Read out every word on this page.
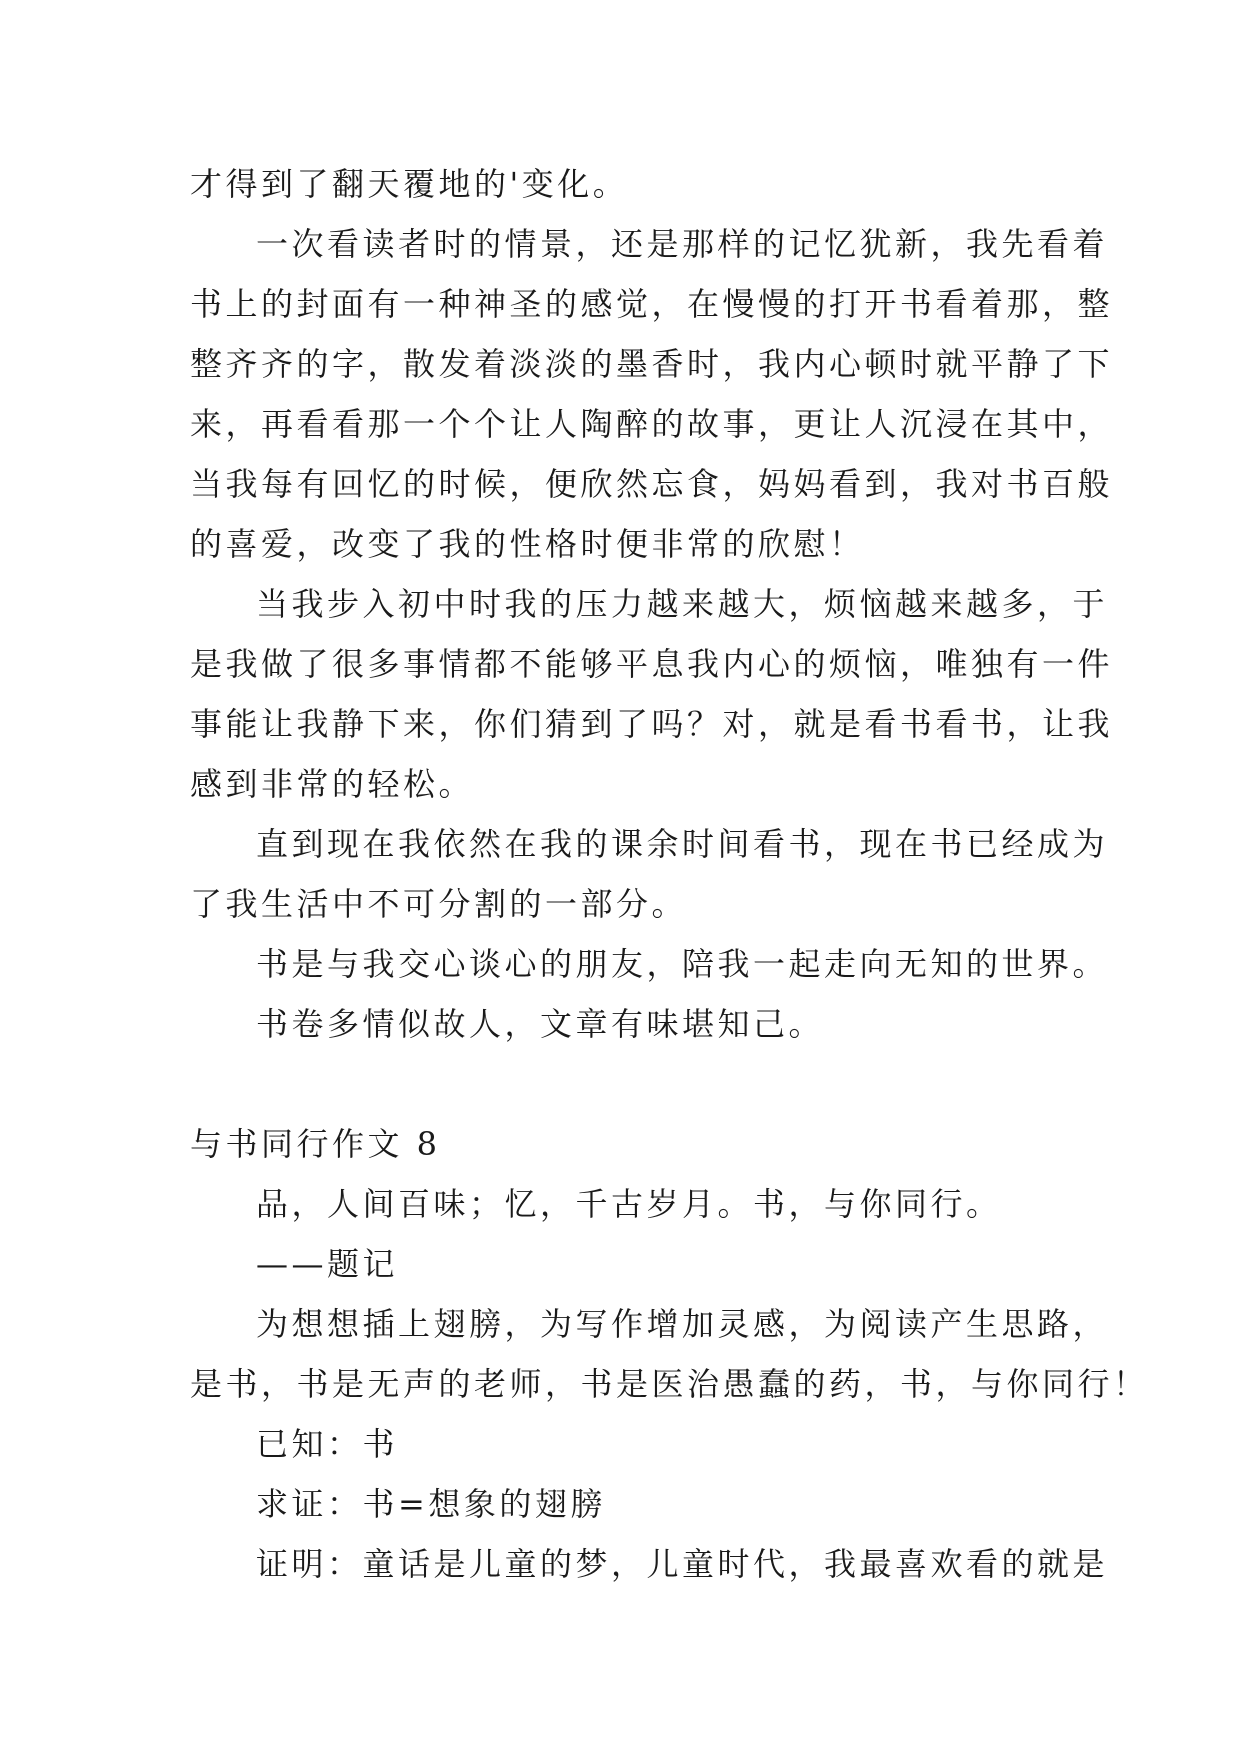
才得到了翻天覆地的'变化。
一次看读者时的情景，还是那样的记忆犹新，我先看着
书上的封面有一种神圣的感觉，在慢慢的打开书看着那，整
整齐齐的字，散发着淡淡的墨香时，我内心顿时就平静了下
来，再看看那一个个让人陶醉的故事，更让人沉浸在其中，
当我每有回忆的时候，便欣然忘食，妈妈看到，我对书百般
的喜爱，改变了我的性格时便非常的欣慰！
当我步入初中时我的压力越来越大，烦恼越来越多，于
是我做了很多事情都不能够平息我内心的烦恼，唯独有一件
事能让我静下来，你们猜到了吗？对，就是看书看书，让我
感到非常的轻松。
直到现在我依然在我的课余时间看书，现在书已经成为
了我生活中不可分割的一部分。
书是与我交心谈心的朋友，陪我一起走向无知的世界。
书卷多情似故人，文章有味堪知己。
与书同行作文 8
品，人间百味；忆，千古岁月。书，与你同行。
——题记
为想想插上翅膀，为写作增加灵感，为阅读产生思路，
是书，书是无声的老师，书是医治愚蠢的药，书，与你同行！
已知：书
求证：书=想象的翅膀
证明：童话是儿童的梦，儿童时代，我最喜欢看的就是
